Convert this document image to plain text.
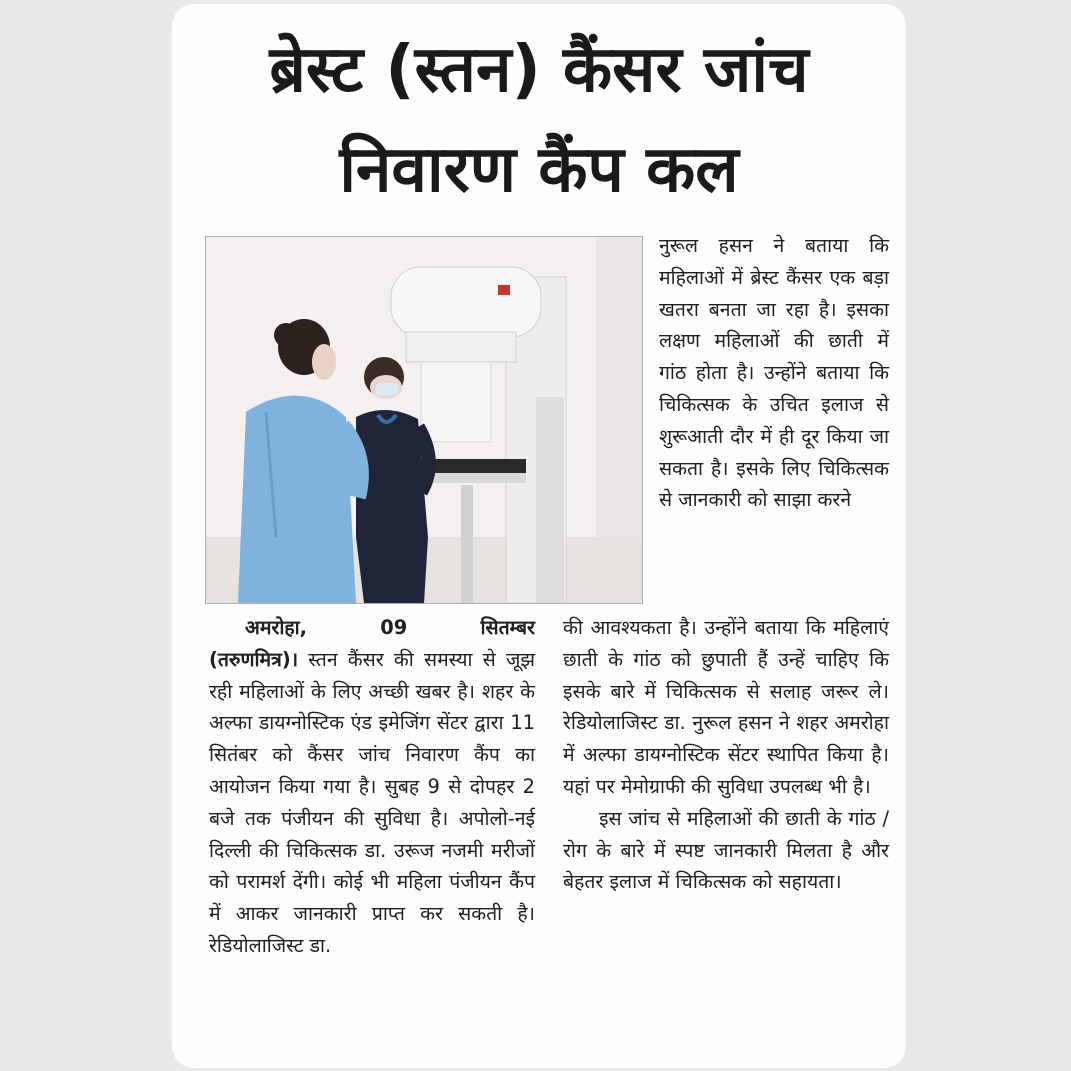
ब्रेस्ट (स्तन) कैंसर जांच
निवारण कैंप कल

नुरूल हसन ने बताया कि महिलाओं में ब्रेस्ट कैंसर एक बड़ा खतरा बनता जा रहा है। इसका लक्षण महिलाओं की छाती में गांठ होता है। उन्होंने बताया कि चिकित्सक के उचित इलाज से शुरूआती दौर में ही दूर किया जा सकता है। इसके लिए चिकित्सक से जानकारी को साझा करने

अमरोहा,	09	सितम्बर

(तरुणमित्र)। स्तन कैंसर की समस्या से जूझ रही महिलाओं के लिए अच्छी खबर है। शहर के अल्फा डायग्नोस्टिक एंड इमेजिंग सेंटर द्वारा 11 सितंबर को कैंसर जांच निवारण कैंप का आयोजन किया गया है। सुबह 9 से दोपहर 2 बजे तक पंजीयन की सुविधा है। अपोलो-नई दिल्ली की चिकित्सक डा. उरूज नजमी मरीजों को परामर्श देंगी। कोई भी महिला पंजीयन कैंप में आकर जानकारी प्राप्त कर सकती है। रेडियोलाजिस्ट डा.

की आवश्यकता है। उन्होंने बताया कि महिलाएं छाती के गांठ को छुपाती हैं उन्हें चाहिए कि इसके बारे में चिकित्सक से सलाह जरूर ले। रेडियोलाजिस्ट डा. नुरूल हसन ने शहर अमरोहा में अल्फा डायग्नोस्टिक सेंटर स्थापित किया है। यहां पर मेमोग्राफी की सुविधा उपलब्ध भी है।

इस जांच से महिलाओं की छाती के गांठ / रोग के बारे में स्पष्ट जानकारी मिलता है और बेहतर इलाज में चिकित्सक को सहायता।
